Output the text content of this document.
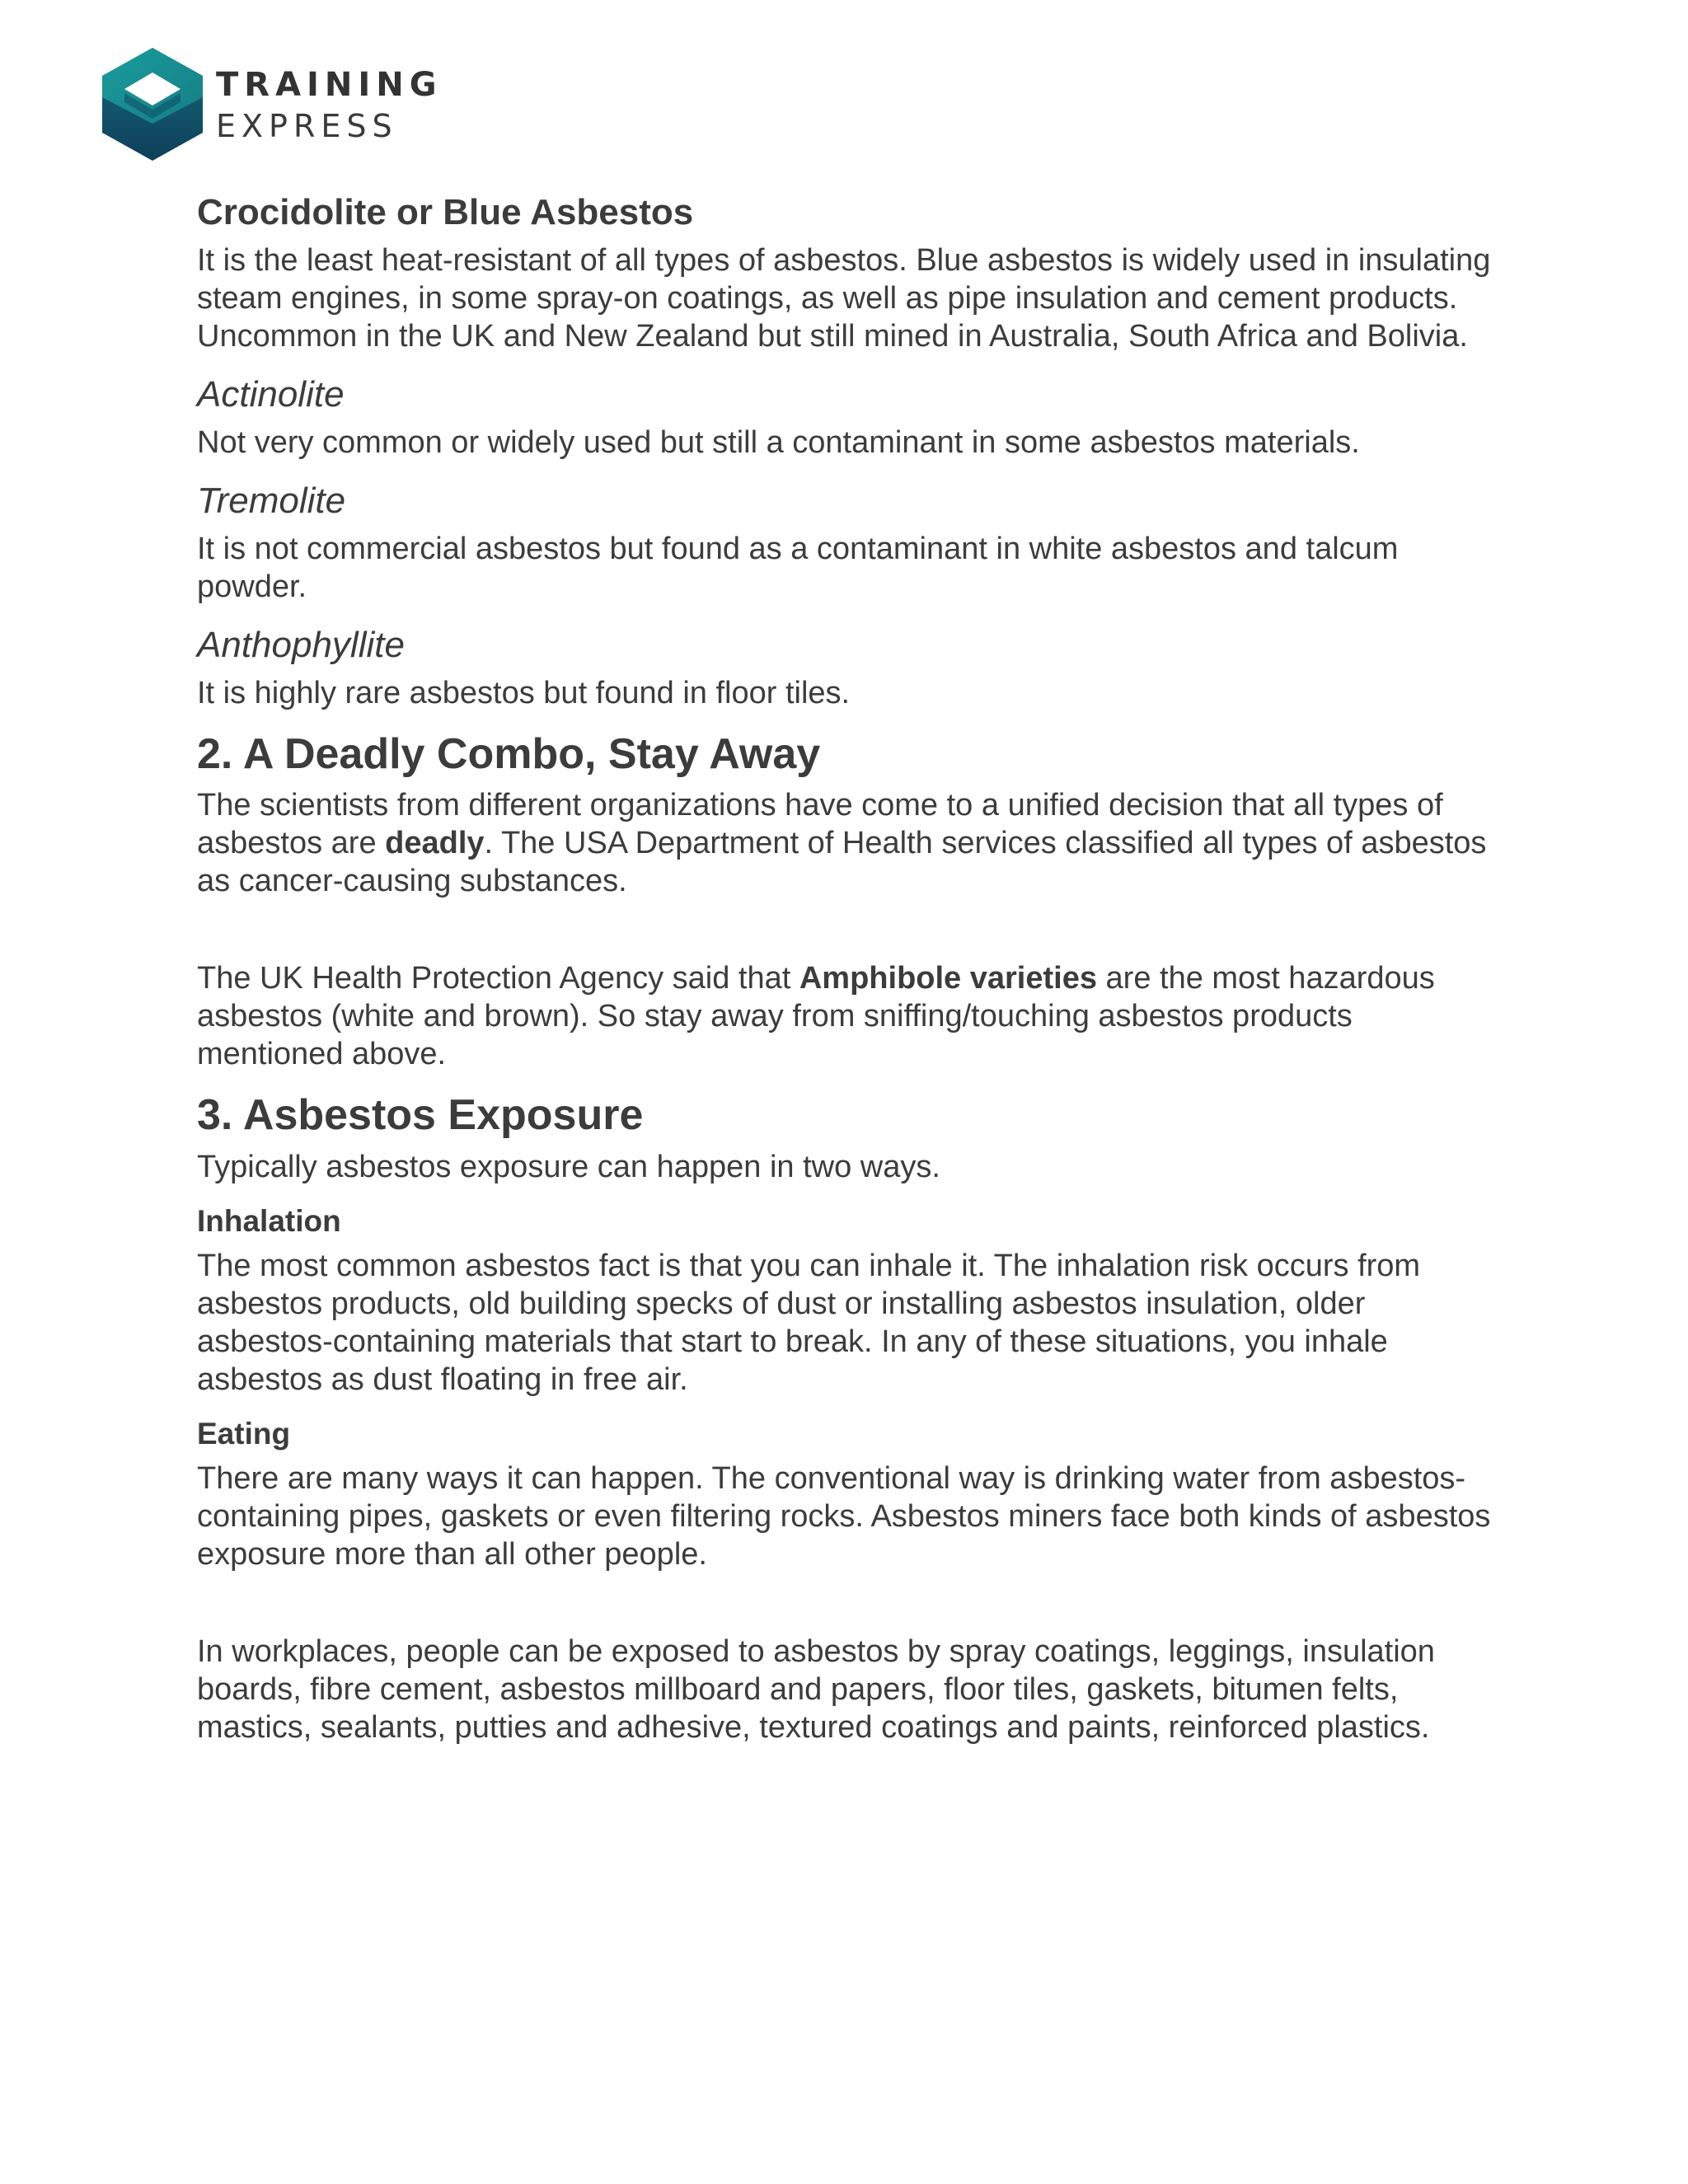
TRAINING
EXPRESS
Crocidolite or Blue Asbestos

It is the least heat-resistant of all types of asbestos. Blue asbestos is widely used in insulating steam engines, in some spray-on coatings, as well as pipe insulation and cement products. Uncommon in the UK and New Zealand but still mined in Australia, South Africa and Bolivia.

Actinolite

Not very common or widely used but still a contaminant in some asbestos materials.

Tremolite

It is not commercial asbestos but found as a contaminant in white asbestos and talcum powder.

Anthophyllite

It is highly rare asbestos but found in floor tiles.

2. A Deadly Combo, Stay Away

The scientists from different organizations have come to a unified decision that all types of asbestos are deadly. The USA Department of Health services classified all types of asbestos as cancer-causing substances.

The UK Health Protection Agency said that Amphibole varieties are the most hazardous asbestos (white and brown). So stay away from sniffing/touching asbestos products mentioned above.

3. Asbestos Exposure

Typically asbestos exposure can happen in two ways.

Inhalation

The most common asbestos fact is that you can inhale it. The inhalation risk occurs from asbestos products, old building specks of dust or installing asbestos insulation, older asbestos-containing materials that start to break. In any of these situations, you inhale asbestos as dust floating in free air.

Eating

There are many ways it can happen. The conventional way is drinking water from asbestos-containing pipes, gaskets or even filtering rocks. Asbestos miners face both kinds of asbestos exposure more than all other people.

In workplaces, people can be exposed to asbestos by spray coatings, leggings, insulation boards, fibre cement, asbestos millboard and papers, floor tiles, gaskets, bitumen felts, mastics, sealants, putties and adhesive, textured coatings and paints, reinforced plastics.
